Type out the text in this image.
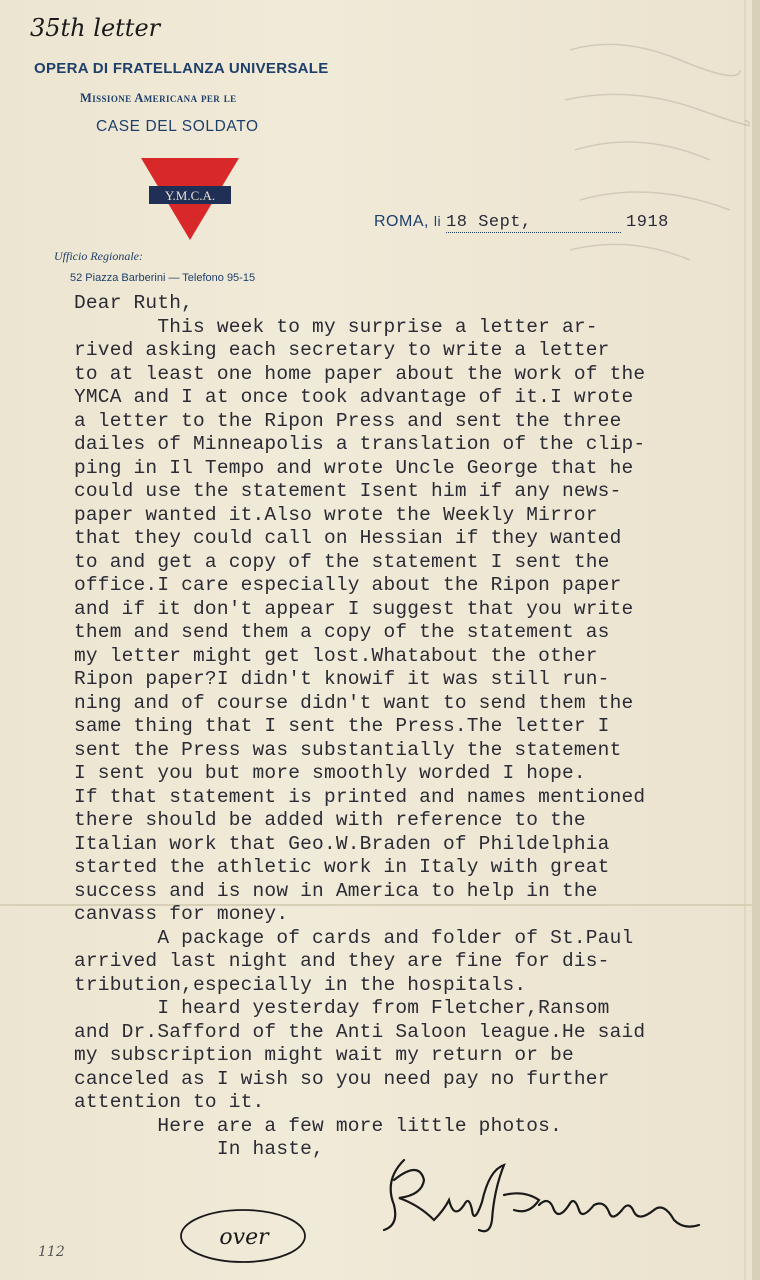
35th letter
OPERA DI FRATELLANZA UNIVERSALE
Missione Americana per le
CASE DEL SOLDATO
Y.M.C.A.
ROMA, li 18 Sept,	1918
Ufficio Regionale:
52 Piazza Barberini — Telefono 95-15
Dear Ruth,
This week to my surprise a letter ar-
rived asking each secretary to write a letter
to at least one home paper about the work of the
YMCA and I at once took advantage of it.I wrote
a letter to the Ripon Press and sent the three
dailes of Minneapolis a translation of the clip-
ping in Il Tempo and wrote Uncle George that he
could use the statement Isent him if any news-
paper wanted it.Also wrote the Weekly Mirror
that they could call on Hessian if they wanted
to and get a copy of the statement I sent the
office.I care especially about the Ripon paper
and if it don't appear I suggest that you write
them and send them a copy of the statement as
my letter might get lost.Whatabout the other
Ripon paper?I didn't knowif it was still run-
ning and of course didn't want to send them the
same thing that I sent the Press.The letter I
sent the Press was substantially the statement
I sent you but more smoothly worded I hope.
If that statement is printed and names mentioned
there should be added with reference to the
Italian work that Geo.W.Braden of Phildelphia
started the athletic work in Italy with great
success and is now in America to help in the
canvass for money.
A package of cards and folder of St.Paul
arrived last night and they are fine for dis-
tribution,especially in the hospitals.
I heard yesterday from Fletcher,Ransom
and Dr.Safford of the Anti Saloon league.He said
my subscription might wait my return or be
canceled as I wish so you need pay no further
attention to it.
Here are a few more little photos.
In haste,
over
112
